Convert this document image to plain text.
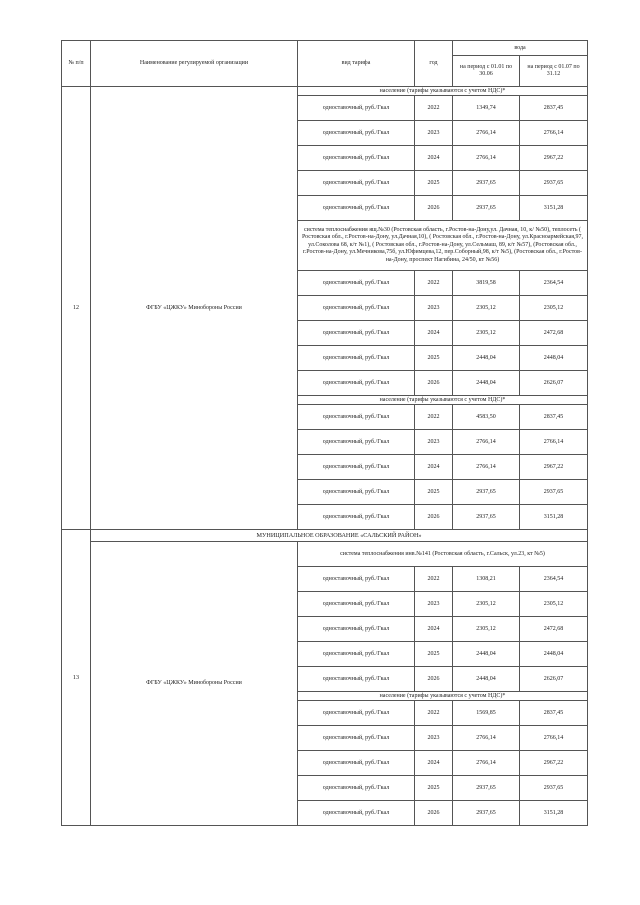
№ п/п	Наименование регулируемой организации	вид тарифа	год	вода	
				на период с 01.01 по 30.06	на период с 01.07 по 31.12
12	ФГБУ «ЦЖКУ» Минобороны России	население (тарифы указываются с учетом НДС)*			
		одноставочный, руб./Гкал	2022	1349,74	2837,45
		одноставочный, руб./Гкал	2023	2766,14	2766,14
		одноставочный, руб./Гкал	2024	2766,14	2967,22
		одноставочный, руб./Гкал	2025	2937,65	2937,65
		одноставочный, руб./Гкал	2026	2937,65	3151,28
		система теплоснабжения ящ.№30 (Ростовская область, г.Ростов-на-Дону,ул. Дачная, 10, к/ №50), теплосеть ( Ростовская обл., г.Ростов-на-Дону, ул.Дачная,10), ( Ростовская обл., г.Ростов-на-Дону, ул.Красноармейская,97, ул.Соколова 68, к/т №1), ( Ростовская обл., г.Ростов-на-Дону, ул.Сельмаш, 89, к/т №57), (Ростовская обл., г.Ростов-на-Дону, ул.Мечникова,75б, ул.Юфимцева,12, пер.Соборный,98, к/т №5), (Ростовская обл., г.Ростов-на-Дону, проспект Нагибина, 24/50, кт №56)			
		одноставочный, руб./Гкал	2022	3819,58	2364,54
		одноставочный, руб./Гкал	2023	2305,12	2305,12
		одноставочный, руб./Гкал	2024	2305,12	2472,68
		одноставочный, руб./Гкал	2025	2448,04	2448,04
		одноставочный, руб./Гкал	2026	2448,04	2626,07
		население (тарифы указываются с учетом НДС)*			
		одноставочный, руб./Гкал	2022	4583,50	2837,45
		одноставочный, руб./Гкал	2023	2766,14	2766,14
		одноставочный, руб./Гкал	2024	2766,14	2967,22
		одноставочный, руб./Гкал	2025	2937,65	2937,65
		одноставочный, руб./Гкал	2026	2937,65	3151,28
13	МУНИЦИПАЛЬНОЕ ОБРАЗОВАНИЕ «САЛЬСКИЙ РАЙОН»				
	ФГБУ «ЦЖКУ» Минобороны России	система теплоснабжения инв.№141 (Ростовская область, г.Сальск, ул.23, кт №5)			
		одноставочный, руб./Гкал	2022	1308,21	2364,54
		одноставочный, руб./Гкал	2023	2305,12	2305,12
		одноставочный, руб./Гкал	2024	2305,12	2472,68
		одноставочный, руб./Гкал	2025	2448,04	2448,04
		одноставочный, руб./Гкал	2026	2448,04	2626,07
		население (тарифы указываются с учетом НДС)*			
		одноставочный, руб./Гкал	2022	1569,85	2837,45
		одноставочный, руб./Гкал	2023	2766,14	2766,14
		одноставочный, руб./Гкал	2024	2766,14	2967,22
		одноставочный, руб./Гкал	2025	2937,65	2937,65
		одноставочный, руб./Гкал	2026	2937,65	3151,28
